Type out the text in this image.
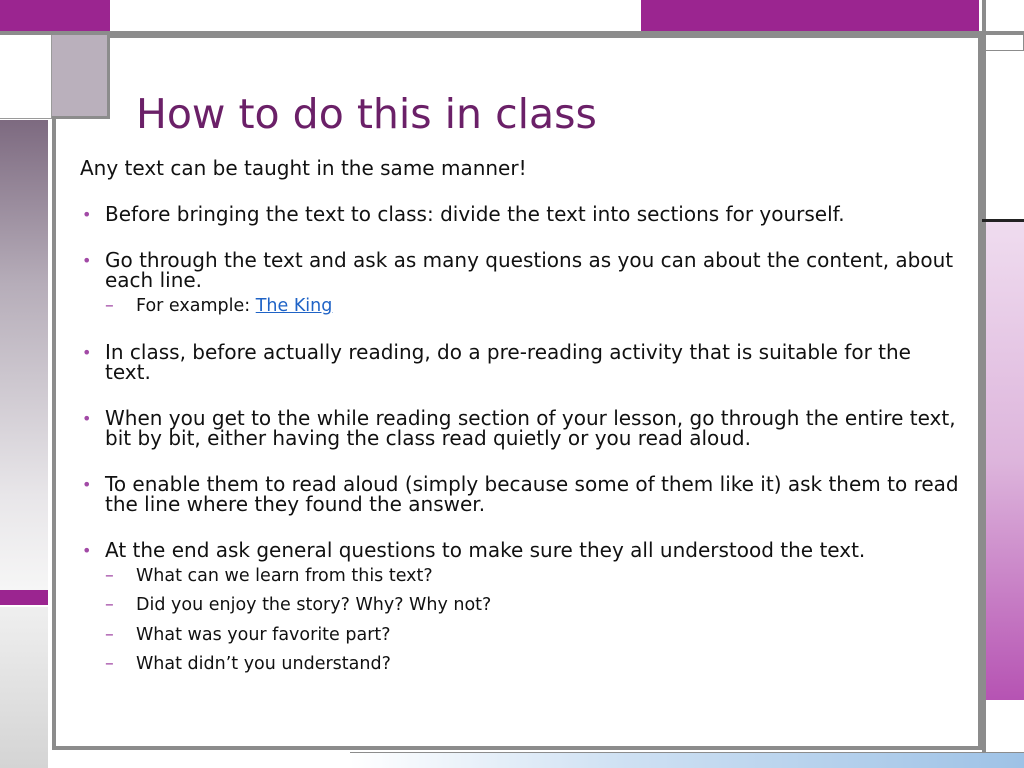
How to do this in class

Any text can be taught in the same manner!

• Before bringing the text to class: divide the text into sections for yourself.
• Go through the text and ask as many questions as you can about the content, about each line.
– For example: The King
• In class, before actually reading, do a pre-reading activity that is suitable for the text.
• When you get to the while reading section of your lesson, go through the entire text, bit by bit, either having the class read quietly or you read aloud.
• To enable them to read aloud (simply because some of them like it) ask them to read the line where they found the answer.
• At the end ask general questions to make sure they all understood the text.
– What can we learn from this text?
– Did you enjoy the story? Why? Why not?
– What was your favorite part?
– What didn’t you understand?
